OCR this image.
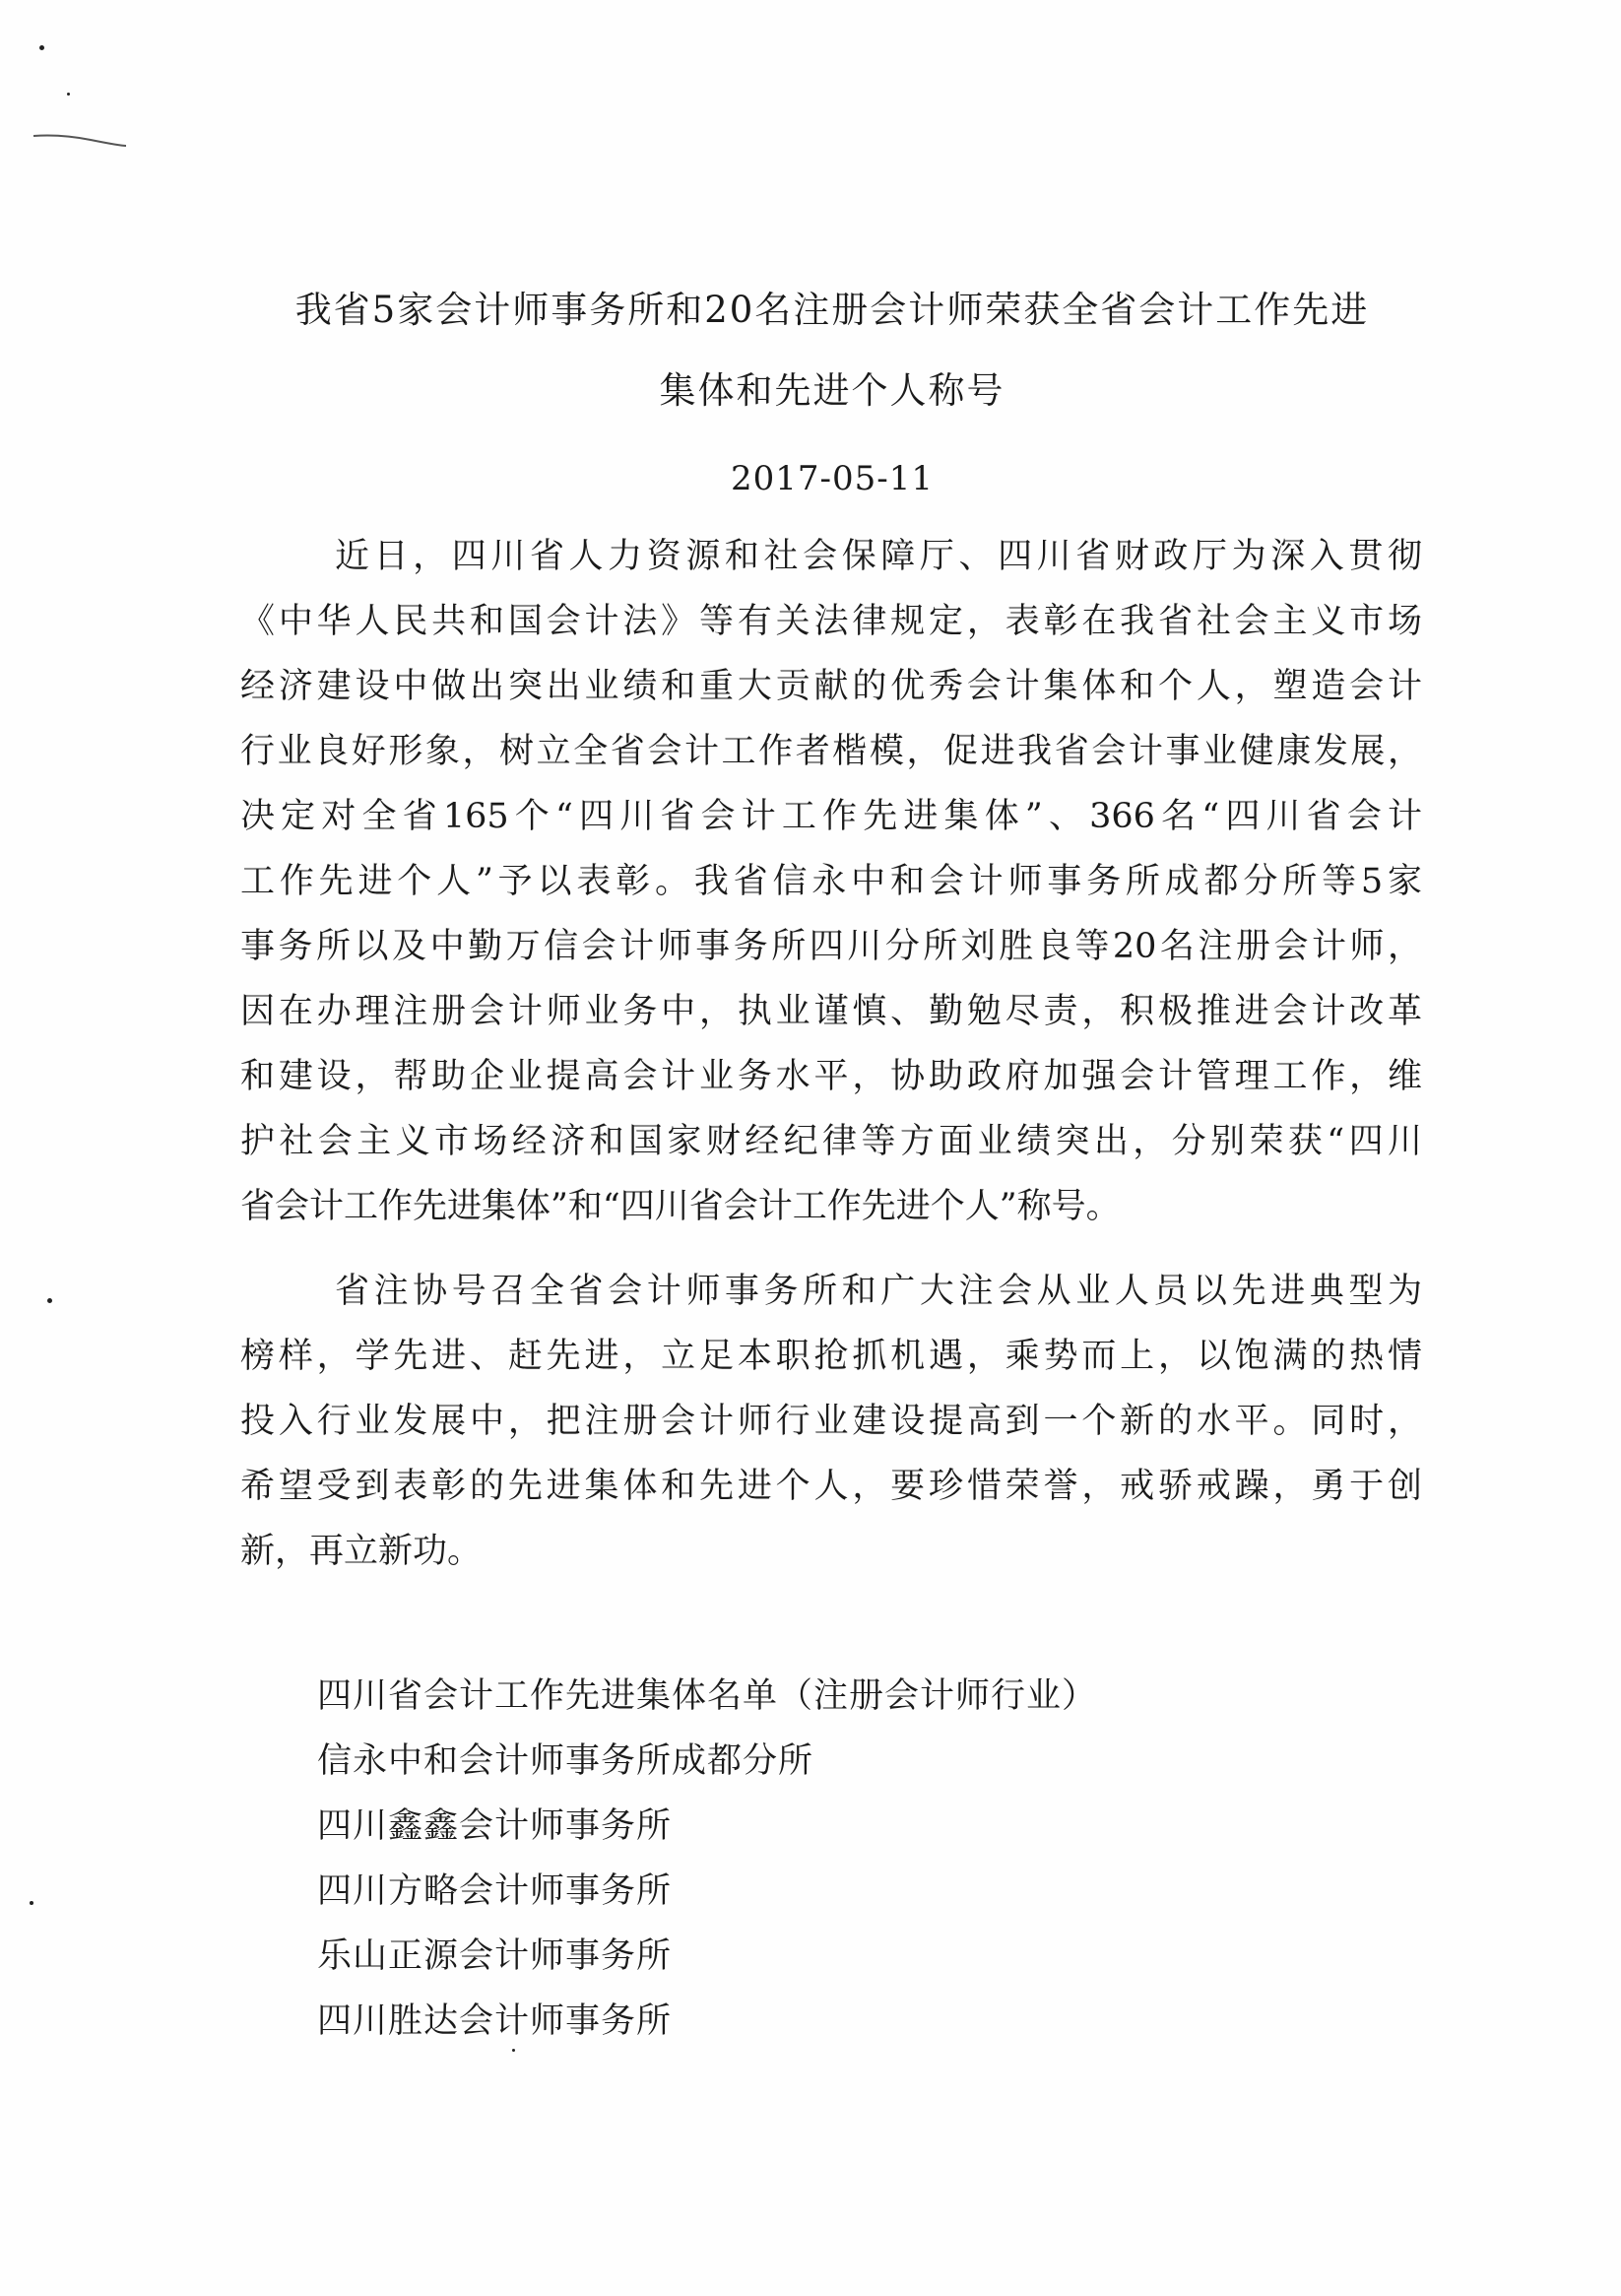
我省5家会计师事务所和20名注册会计师荣获全省会计工作先进
集体和先进个人称号
2017-05-11
近日，四川省人力资源和社会保障厅、四川省财政厅为深入贯彻
《中华人民共和国会计法》等有关法律规定，表彰在我省社会主义市场
经济建设中做出突出业绩和重大贡献的优秀会计集体和个人，塑造会计
行业良好形象，树立全省会计工作者楷模，促进我省会计事业健康发展，
决定对全省165个“四川省会计工作先进集体”、366名“四川省会计
工作先进个人”予以表彰。我省信永中和会计师事务所成都分所等5家
事务所以及中勤万信会计师事务所四川分所刘胜良等20名注册会计师，
因在办理注册会计师业务中，执业谨慎、勤勉尽责，积极推进会计改革
和建设，帮助企业提高会计业务水平，协助政府加强会计管理工作，维
护社会主义市场经济和国家财经纪律等方面业绩突出，分别荣获“四川
省会计工作先进集体”和“四川省会计工作先进个人”称号。
省注协号召全省会计师事务所和广大注会从业人员以先进典型为
榜样，学先进、赶先进，立足本职抢抓机遇，乘势而上，以饱满的热情
投入行业发展中，把注册会计师行业建设提高到一个新的水平。同时，
希望受到表彰的先进集体和先进个人，要珍惜荣誉，戒骄戒躁，勇于创
新，再立新功。
四川省会计工作先进集体名单（注册会计师行业）
信永中和会计师事务所成都分所
四川鑫鑫会计师事务所
四川方略会计师事务所
乐山正源会计师事务所
四川胜达会计师事务所
